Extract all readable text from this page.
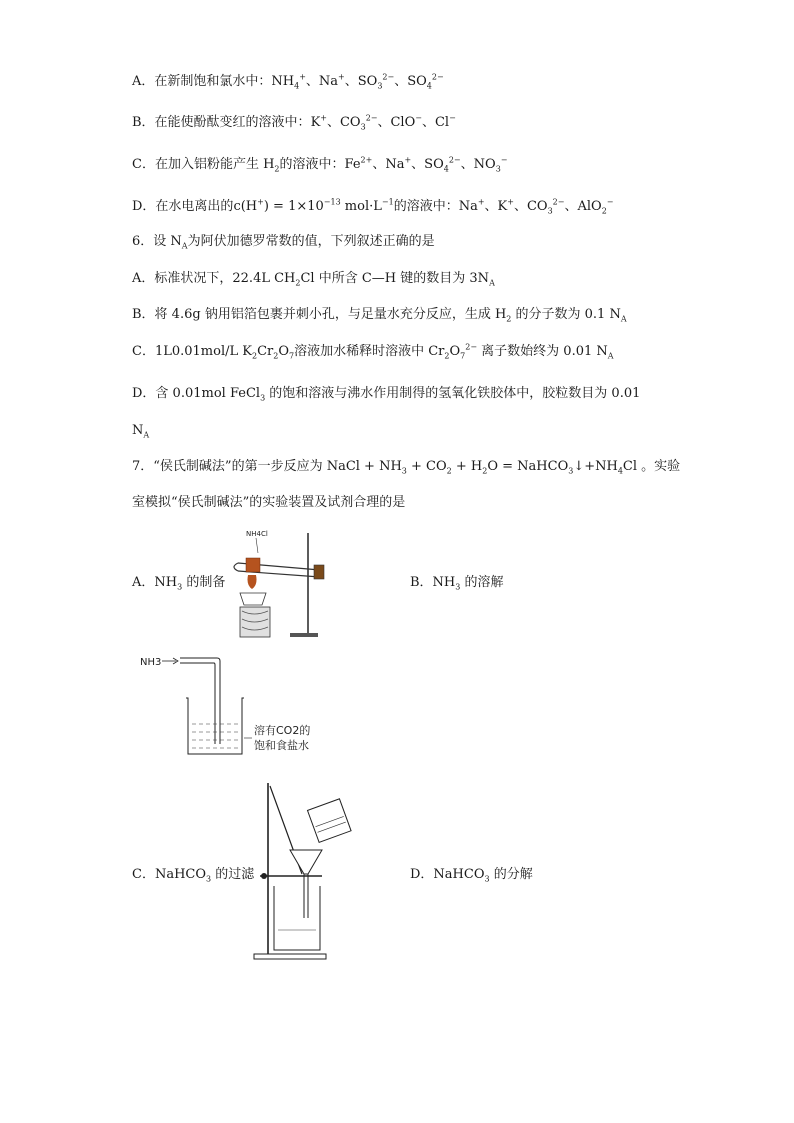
A．在新制饱和氯水中：$NH_4^+$、Na+、$SO_3^{2-}$、$SO_4^{2-}$
B．在能使酚酞变红的溶液中：K+、$CO_3^{2-}$、ClO−、Cl−
C．在加入铝粉能产生 $H_2$的溶液中：$Fe^{2+}$、Na+、$SO_4^{2-}$、$NO_3^-$
D．在水电离出的$c(H^+) = 1\times 10^{-13}$ $mol\cdot L^{-1}$的溶液中：Na+、K+、$CO_3^{2-}$、AlO$_2$−
6．设 $N_A$为阿伏加德罗常数的值，下列叙述正确的是
A．标准状况下，22.4L $CH_2Cl$ 中所含 C—H 键的数目为 $3N_A$
B．将 4.6g 钠用铝箔包裹并刺小孔，与足量水充分反应，生成 $H_2$ 的分子数为 0.1 $N_A$
C．1L0.01mol/L $K_2Cr_2O_7$溶液加水稀释时溶液中 $Cr_2O_7^{2-}$ 离子数始终为 0.01 $N_A$
D．含 0.01mol FeCl$_3$ 的饱和溶液与沸水作用制得的氢氧化铁胶体中，胶粒数目为 0.01
$N_A$
7．“侯氏制碱法”的第一步反应为 NaCl + $NH_3 + CO_2 + H_2O$ = $NaHCO_3↓+NH_4Cl$ 。实验
室模拟“侯氏制碱法”的实验装置及试剂合理的是
A．$NH_3$ 的制备	B．$NH_3$ 的溶解
C．NaHCO$_3$ 的过滤	D．NaHCO$_3$ 的分解
NH4Cl
NH3
溶有CO2的
饱和食盐水
